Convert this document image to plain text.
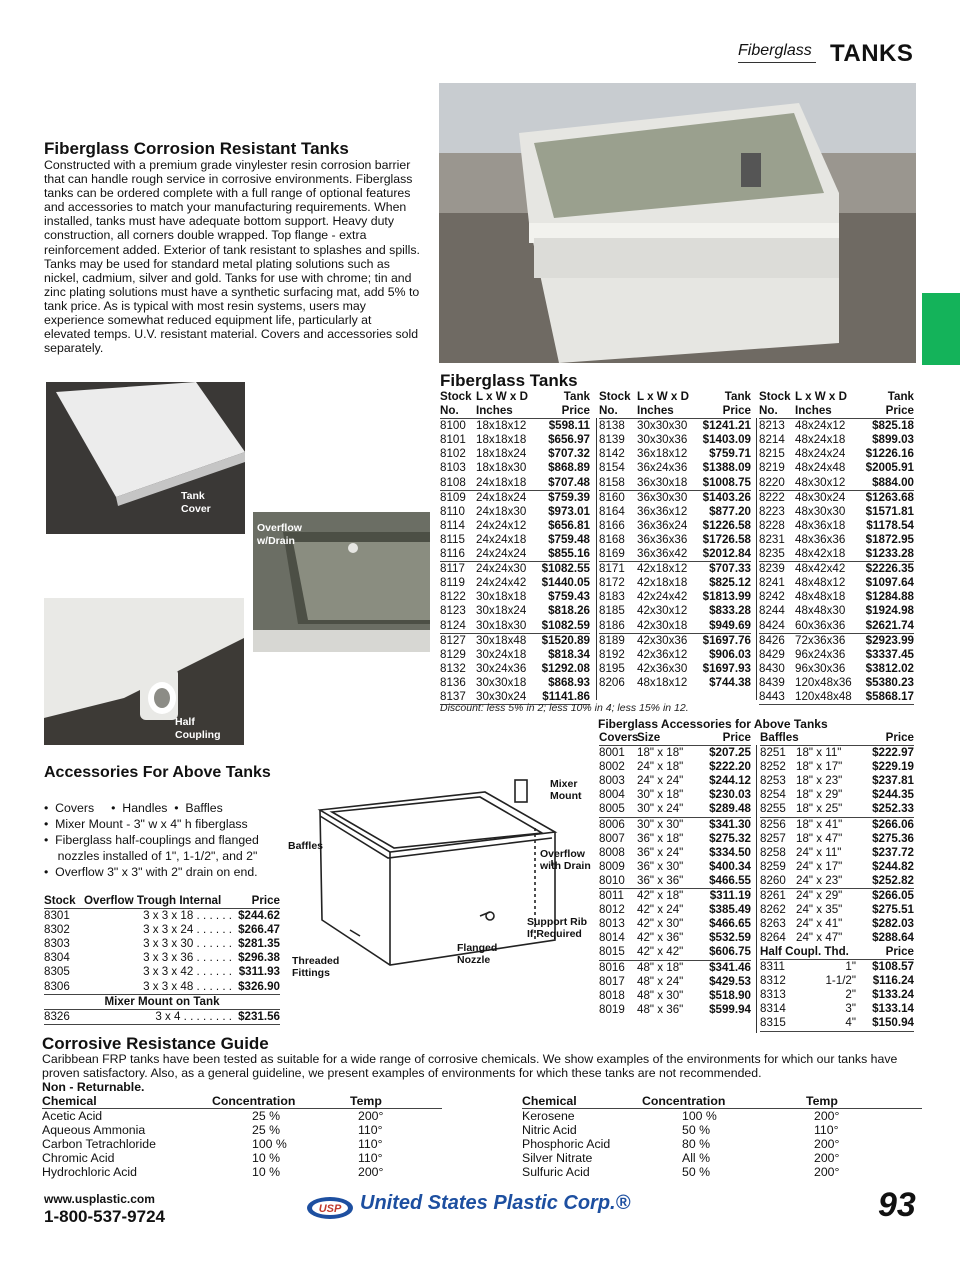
Fiberglass TANKS
Fiberglass Corrosion Resistant Tanks
Constructed with a premium grade vinylester resin corrosion barrier that can handle rough service in corrosive environments. Fiberglass tanks can be ordered complete with a full range of optional features and accessories to match your manufacturing requirements. When installed, tanks must have adequate bottom support. Heavy duty construction, all corners double wrapped. Top flange - extra reinforcement added. Exterior of tank resistant to splashes and spills. Tanks may be used for standard metal plating solutions such as nickel, cadmium, silver and gold. Tanks for use with chrome; tin and zinc plating solutions must have a synthetic surfacing mat, add 5% to tank price. As is typical with most resin systems, users may experience somewhat reduced equipment life, particularly at elevated temps. U.V. resistant material. Covers and accessories sold separately.
Tank
Cover
Overflow
w/Drain
Half
Coupling
Fiberglass Tanks
Stock L x W x D	Tank
No.	Inches	Price
8100 18x18x12	$598.11
8101 18x18x18	$656.97
8102 18x18x24	$707.32
8103 18x18x30	$868.89
8108 24x18x18	$707.48
8109 24x18x24	$759.39
8110 24x18x30	$973.01
8114 24x24x12	$656.81
8115 24x24x18	$759.48
8116 24x24x24	$855.16
8117 24x24x30	$1082.55
8119 24x24x42	$1440.05
8122 30x18x18	$759.43
8123 30x18x24	$818.26
8124 30x18x30	$1082.59
8127 30x18x48	$1520.89
8129 30x24x18	$818.34
8132 30x24x36	$1292.08
8136 30x30x18	$868.93
8137 30x30x24	$1141.86
Stock L x W x D	Tank
No.	Inches	Price
8138	30x30x30	$1241.21
8139	30x30x36	$1403.09
8142	36x18x12	$759.71
8154	36x24x36	$1388.09
8158	36x30x18	$1008.75
8160	36x30x30	$1403.26
8164	36x36x12	$877.20
8166	36x36x24	$1226.58
8168	36x36x36	$1726.58
8169	36x36x42	$2012.84
8171	42x18x12	$707.33
8172	42x18x18	$825.12
8183	42x24x42	$1813.99
8185	42x30x12	$833.28
8186	42x30x18	$949.69
8189	42x30x36	$1697.76
8192	42x36x12	$906.03
8195	42x36x30	$1697.93
8206	48x18x12	$744.38
Stock L x W x D	Tank
No.	Inches	Price
8213 48x24x12	$825.18
8214 48x24x18	$899.03
8215 48x24x24	$1226.16
8219 48x24x48	$2005.91
8220 48x30x12	$884.00
8222 48x30x24	$1263.68
8223 48x30x30	$1571.81
8228 48x36x18	$1178.54
8231 48x36x36	$1872.95
8235 48x42x18	$1233.28
8239 48x42x42	$2226.35
8241 48x48x12	$1097.64
8242 48x48x18	$1284.88
8244 48x48x30	$1924.98
8424 60x36x36	$2621.74
8426 72x36x36	$2923.99
8429 96x24x36	$3337.45
8430 96x30x36	$3812.02
8439 120x48x36	$5380.23
8443 120x48x48	$5868.17
Discount: less 5% in 2; less 10% in 4; less 15% in 12.
Fiberglass Accessories for Above Tanks
Covers
Size	Price
8001	18" x 18"	$207.25
8002	24" x 18"	$222.20
8003	24" x 24"	$244.12
8004	30" x 18"	$230.03
8005	30" x 24"	$289.48
8006	30" x 30"	$341.30
8007	36" x 18"	$275.32
8008	36" x 24"	$334.50
8009	36" x 30"	$400.34
8010	36" x 36"	$466.55
8011	42" x 18"	$311.19
8012	42" x 24"	$385.49
8013	42" x 30"	$466.65
8014	42" x 36"	$532.59
8015	42" x 42"	$606.75
8016	48" x 18"	$341.46
8017	48" x 24"	$429.53
8018	48" x 30"	$518.90
8019	48" x 36"	$599.94
Baffles	Price
8251 18" x 11"	$222.97
8252 18" x 17"	$229.19
8253 18" x 23"	$237.81
8254 18" x 29"	$244.35
8255 18" x 25"	$252.33
8256 18" x 41"	$266.06
8257 18" x 47"	$275.36
8258 24" x 11"	$237.72
8259 24" x 17"	$244.82
8260 24" x 23"	$252.82
8261 24" x 29"	$266.05
8262 24" x 35"	$275.51
8263 24" x 41"	$282.03
8264 24" x 47"	$288.64
Half Coupl. Thd.	Price
8311	1"	$108.57
8312	1-1/2"	$116.24
8313	2"	$133.24
8314	3"	$133.14
8315	4"	$150.94
Accessories For Above Tanks
•  Covers     •  Handles  •  Baffles
•  Mixer Mount - 3" w x 4" h fiberglass
•  Fiberglass half-couplings and flanged
nozzles installed of 1", 1-1/2", and 2"
•  Overflow 3" x 3" with 2" drain on end.
Stock Overflow Trough Internal	Price
8301	3 x 3 x 18 . . . . . . $244.62
8302	3 x 3 x 24 . . . . . . $266.47
8303	3 x 3 x 30 . . . . . . $281.35
8304	3 x 3 x 36 . . . . . . $296.38
8305	3 x 3 x 42 . . . . . . $311.93
8306	3 x 3 x 48 . . . . . . $326.90
Mixer Mount on Tank
8326	3 x 4 . . . . . . . . $231.56
Mixer
Mount
Baffles
Overflow
with Drain
Support Rib
If Required
Flanged
Nozzle
Threaded
Fittings
Corrosive Resistance Guide
Caribbean FRP tanks have been tested as suitable for a wide range of corrosive chemicals. We show examples of the environments for which our tanks have proven satisfactory. Also, as a general guideline, we present examples of environments for which these tanks are not recommended.
Non - Returnable.
Chemical	Concentration	Temp
Acetic Acid	25 %	200°
Aqueous Ammonia	25 %	110°
Carbon Tetrachloride	100 %	110°
Chromic Acid	10 %	110°
Hydrochloric Acid	10 %	200°
Chemical	Concentration	Temp
Kerosene	100 %	200°
Nitric Acid	50 %	110°
Phosphoric Acid	80 %	200°
Silver Nitrate	All %	200°
Sulfuric Acid	50 %	200°
www.usplastic.com
1-800-537-9724	USP United States Plastic Corp.®	93
